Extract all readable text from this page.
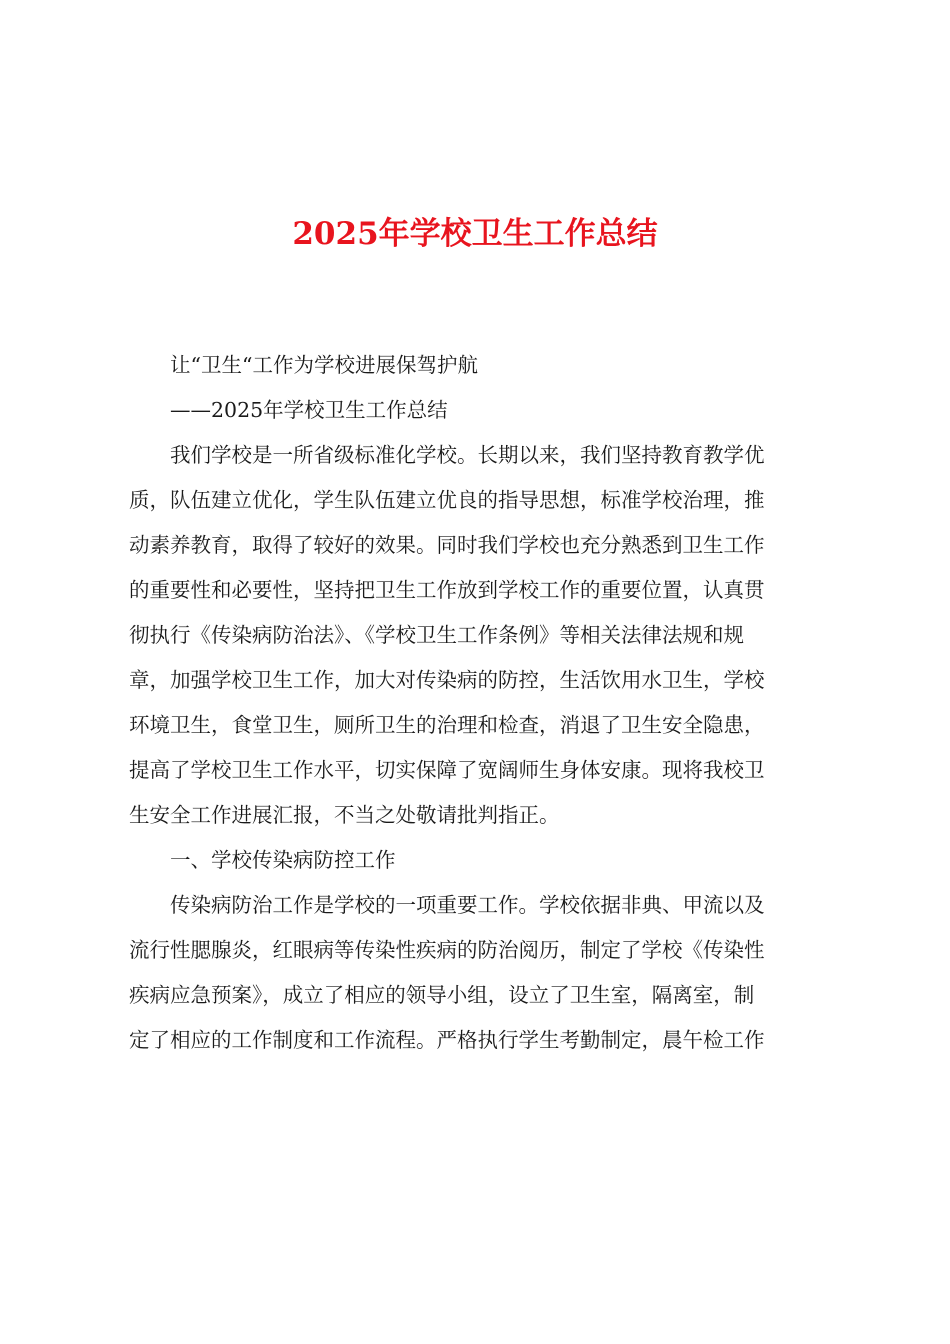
2025年学校卫生工作总结
让“卫生“工作为学校进展保驾护航
——2025年学校卫生工作总结
我们学校是一所省级标准化学校。长期以来，我们坚持教育教学优
质，队伍建立优化，学生队伍建立优良的指导思想，标准学校治理，推
动素养教育，取得了较好的效果。同时我们学校也充分熟悉到卫生工作
的重要性和必要性，坚持把卫生工作放到学校工作的重要位置，认真贯
彻执行《传染病防治法》、《学校卫生工作条例》等相关法律法规和规
章，加强学校卫生工作，加大对传染病的防控，生活饮用水卫生，学校
环境卫生，食堂卫生，厕所卫生的治理和检查，消退了卫生安全隐患，
提高了学校卫生工作水平，切实保障了宽阔师生身体安康。现将我校卫
生安全工作进展汇报，不当之处敬请批判指正。
一、学校传染病防控工作
传染病防治工作是学校的一项重要工作。学校依据非典、甲流以及
流行性腮腺炎，红眼病等传染性疾病的防治阅历，制定了学校《传染性
疾病应急预案》，成立了相应的领导小组，设立了卫生室，隔离室，制
定了相应的工作制度和工作流程。严格执行学生考勤制定，晨午检工作
